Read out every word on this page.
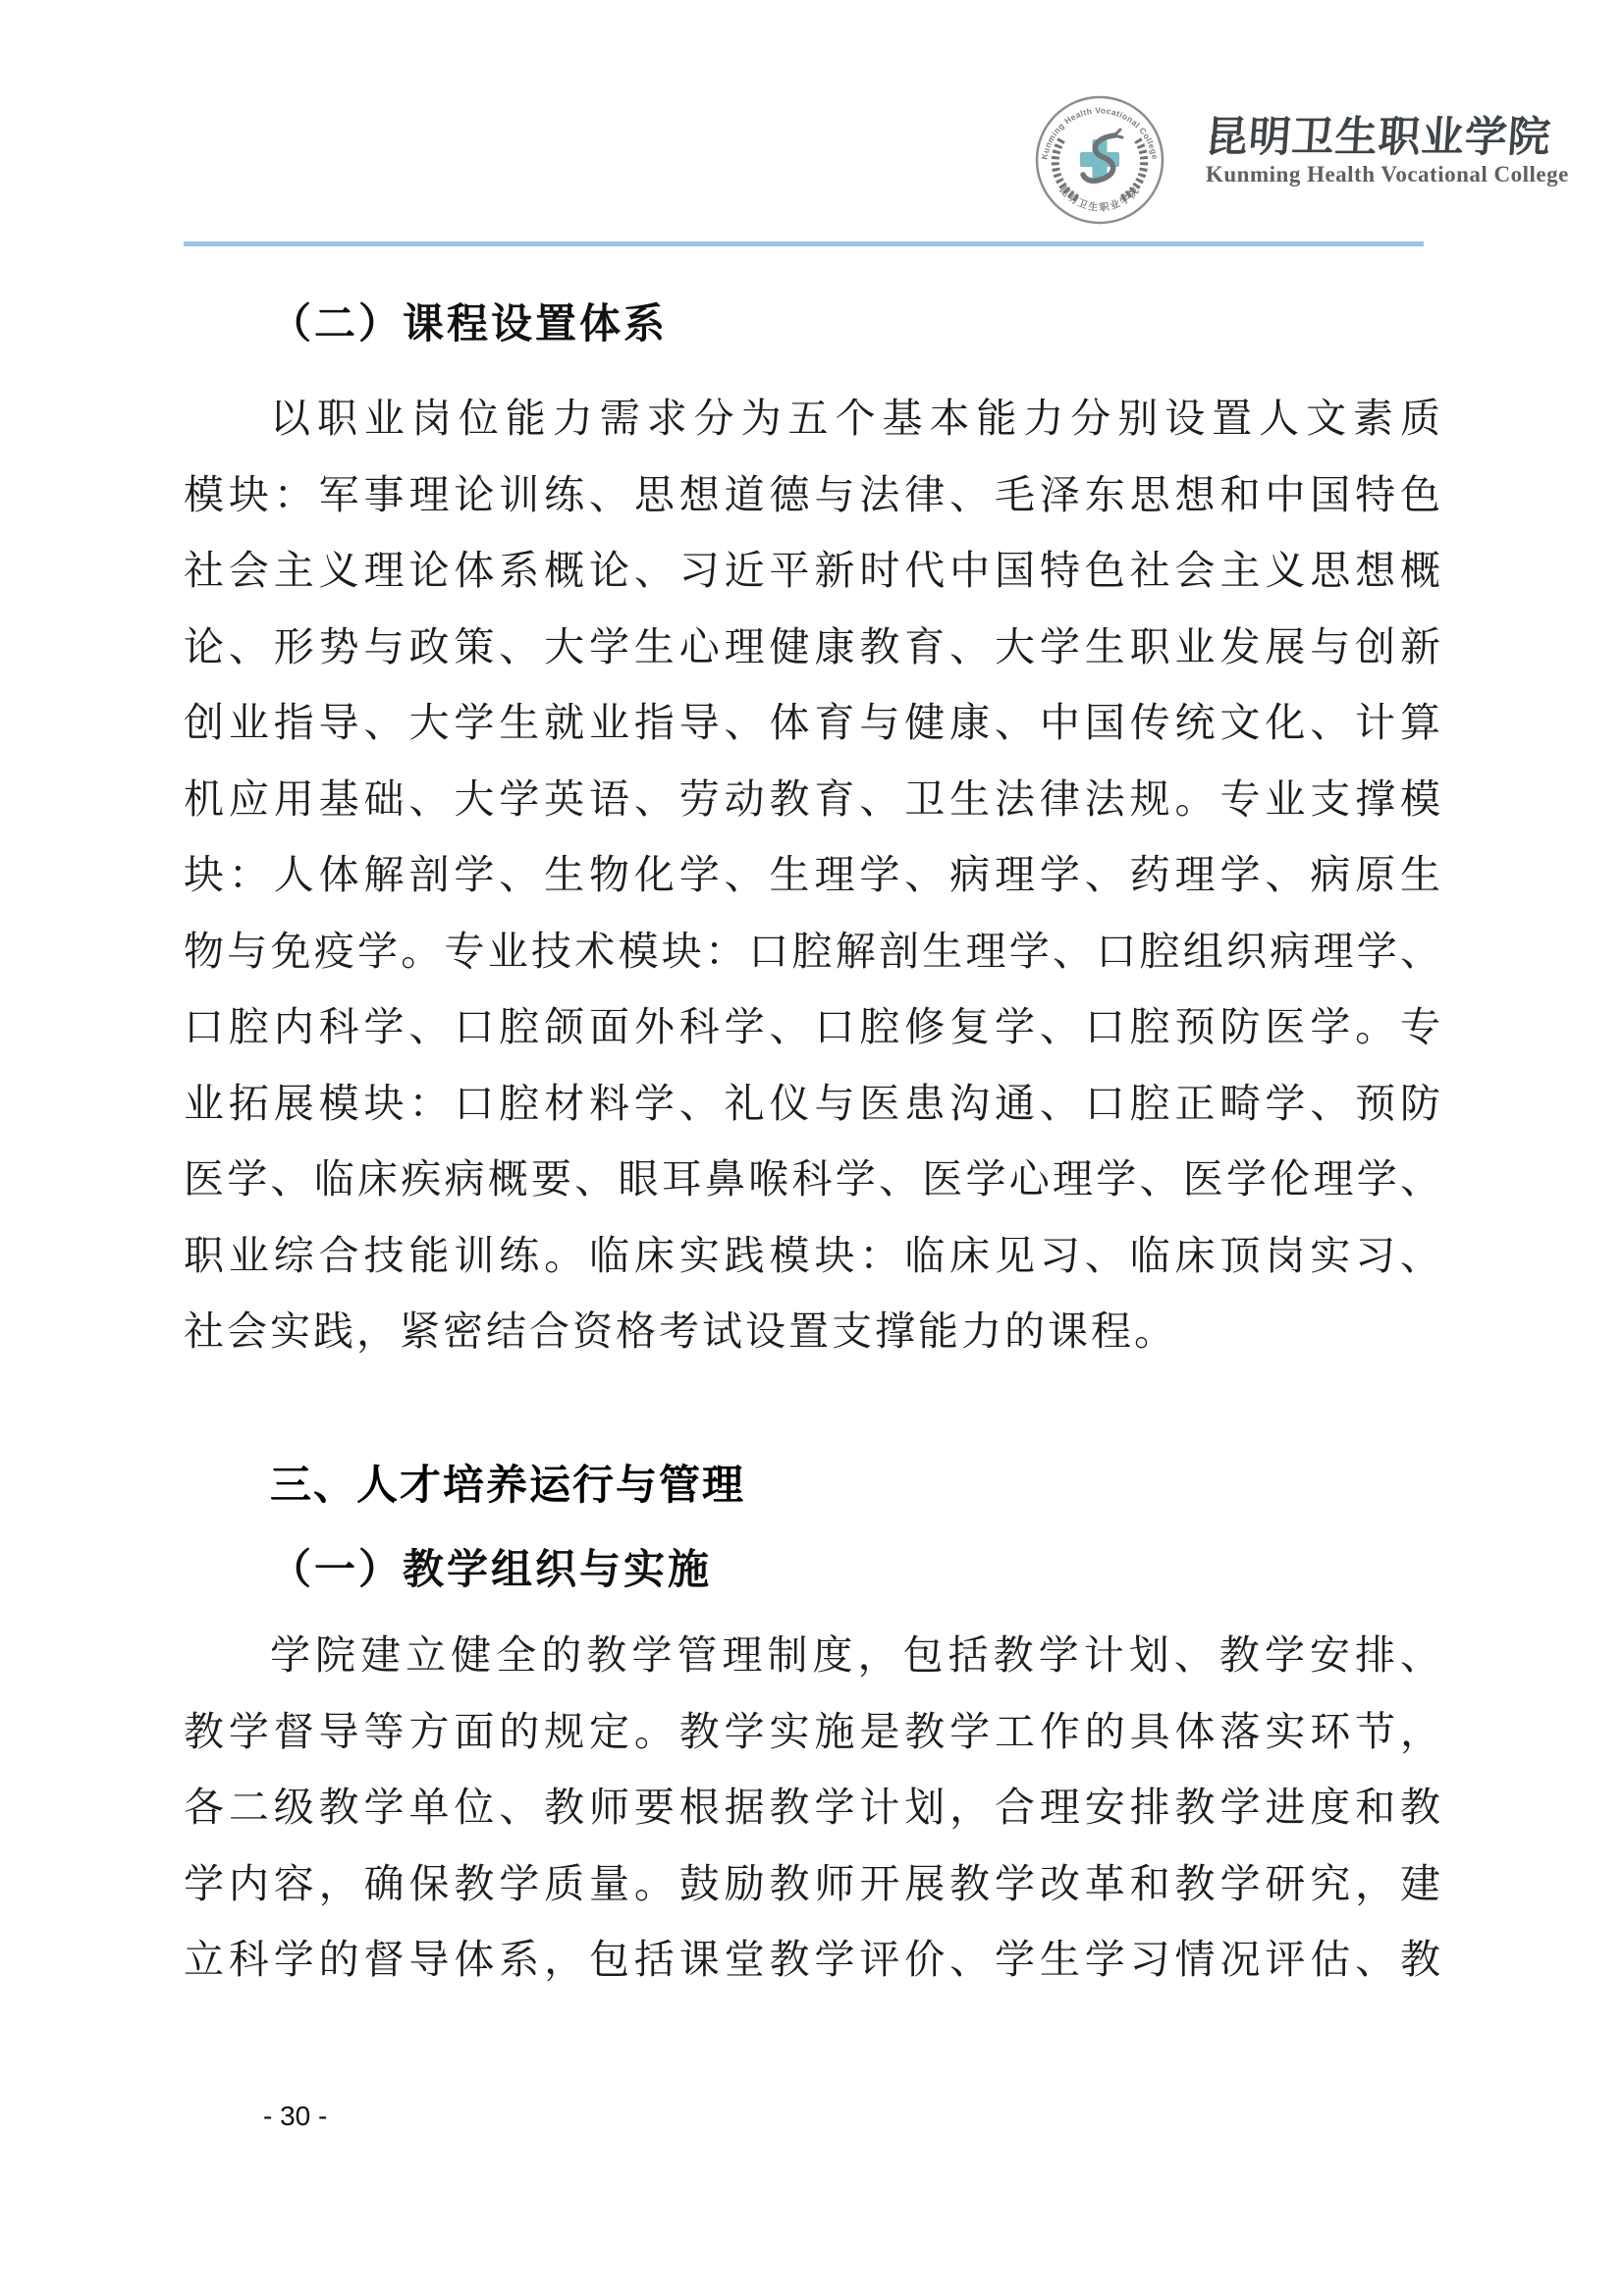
Kunming Health Vocational College
昆明卫生职业学院
昆明卫生职业学院
Kunming Health Vocational College
（二）课程设置体系
以职业岗位能力需求分为五个基本能力分别设置人文素质
模块：军事理论训练、思想道德与法律、毛泽东思想和中国特色
社会主义理论体系概论、习近平新时代中国特色社会主义思想概
论、形势与政策、大学生心理健康教育、大学生职业发展与创新
创业指导、大学生就业指导、体育与健康、中国传统文化、计算
机应用基础、大学英语、劳动教育、卫生法律法规。专业支撑模
块：人体解剖学、生物化学、生理学、病理学、药理学、病原生
物与免疫学。专业技术模块：口腔解剖生理学、口腔组织病理学、
口腔内科学、口腔颌面外科学、口腔修复学、口腔预防医学。专
业拓展模块：口腔材料学、礼仪与医患沟通、口腔正畸学、预防
医学、临床疾病概要、眼耳鼻喉科学、医学心理学、医学伦理学、
职业综合技能训练。临床实践模块：临床见习、临床顶岗实习、
社会实践，紧密结合资格考试设置支撑能力的课程。
三、人才培养运行与管理
（一）教学组织与实施
学院建立健全的教学管理制度，包括教学计划、教学安排、
教学督导等方面的规定。教学实施是教学工作的具体落实环节，
各二级教学单位、教师要根据教学计划，合理安排教学进度和教
学内容，确保教学质量。鼓励教师开展教学改革和教学研究，建
立科学的督导体系，包括课堂教学评价、学生学习情况评估、教
- 30 -
